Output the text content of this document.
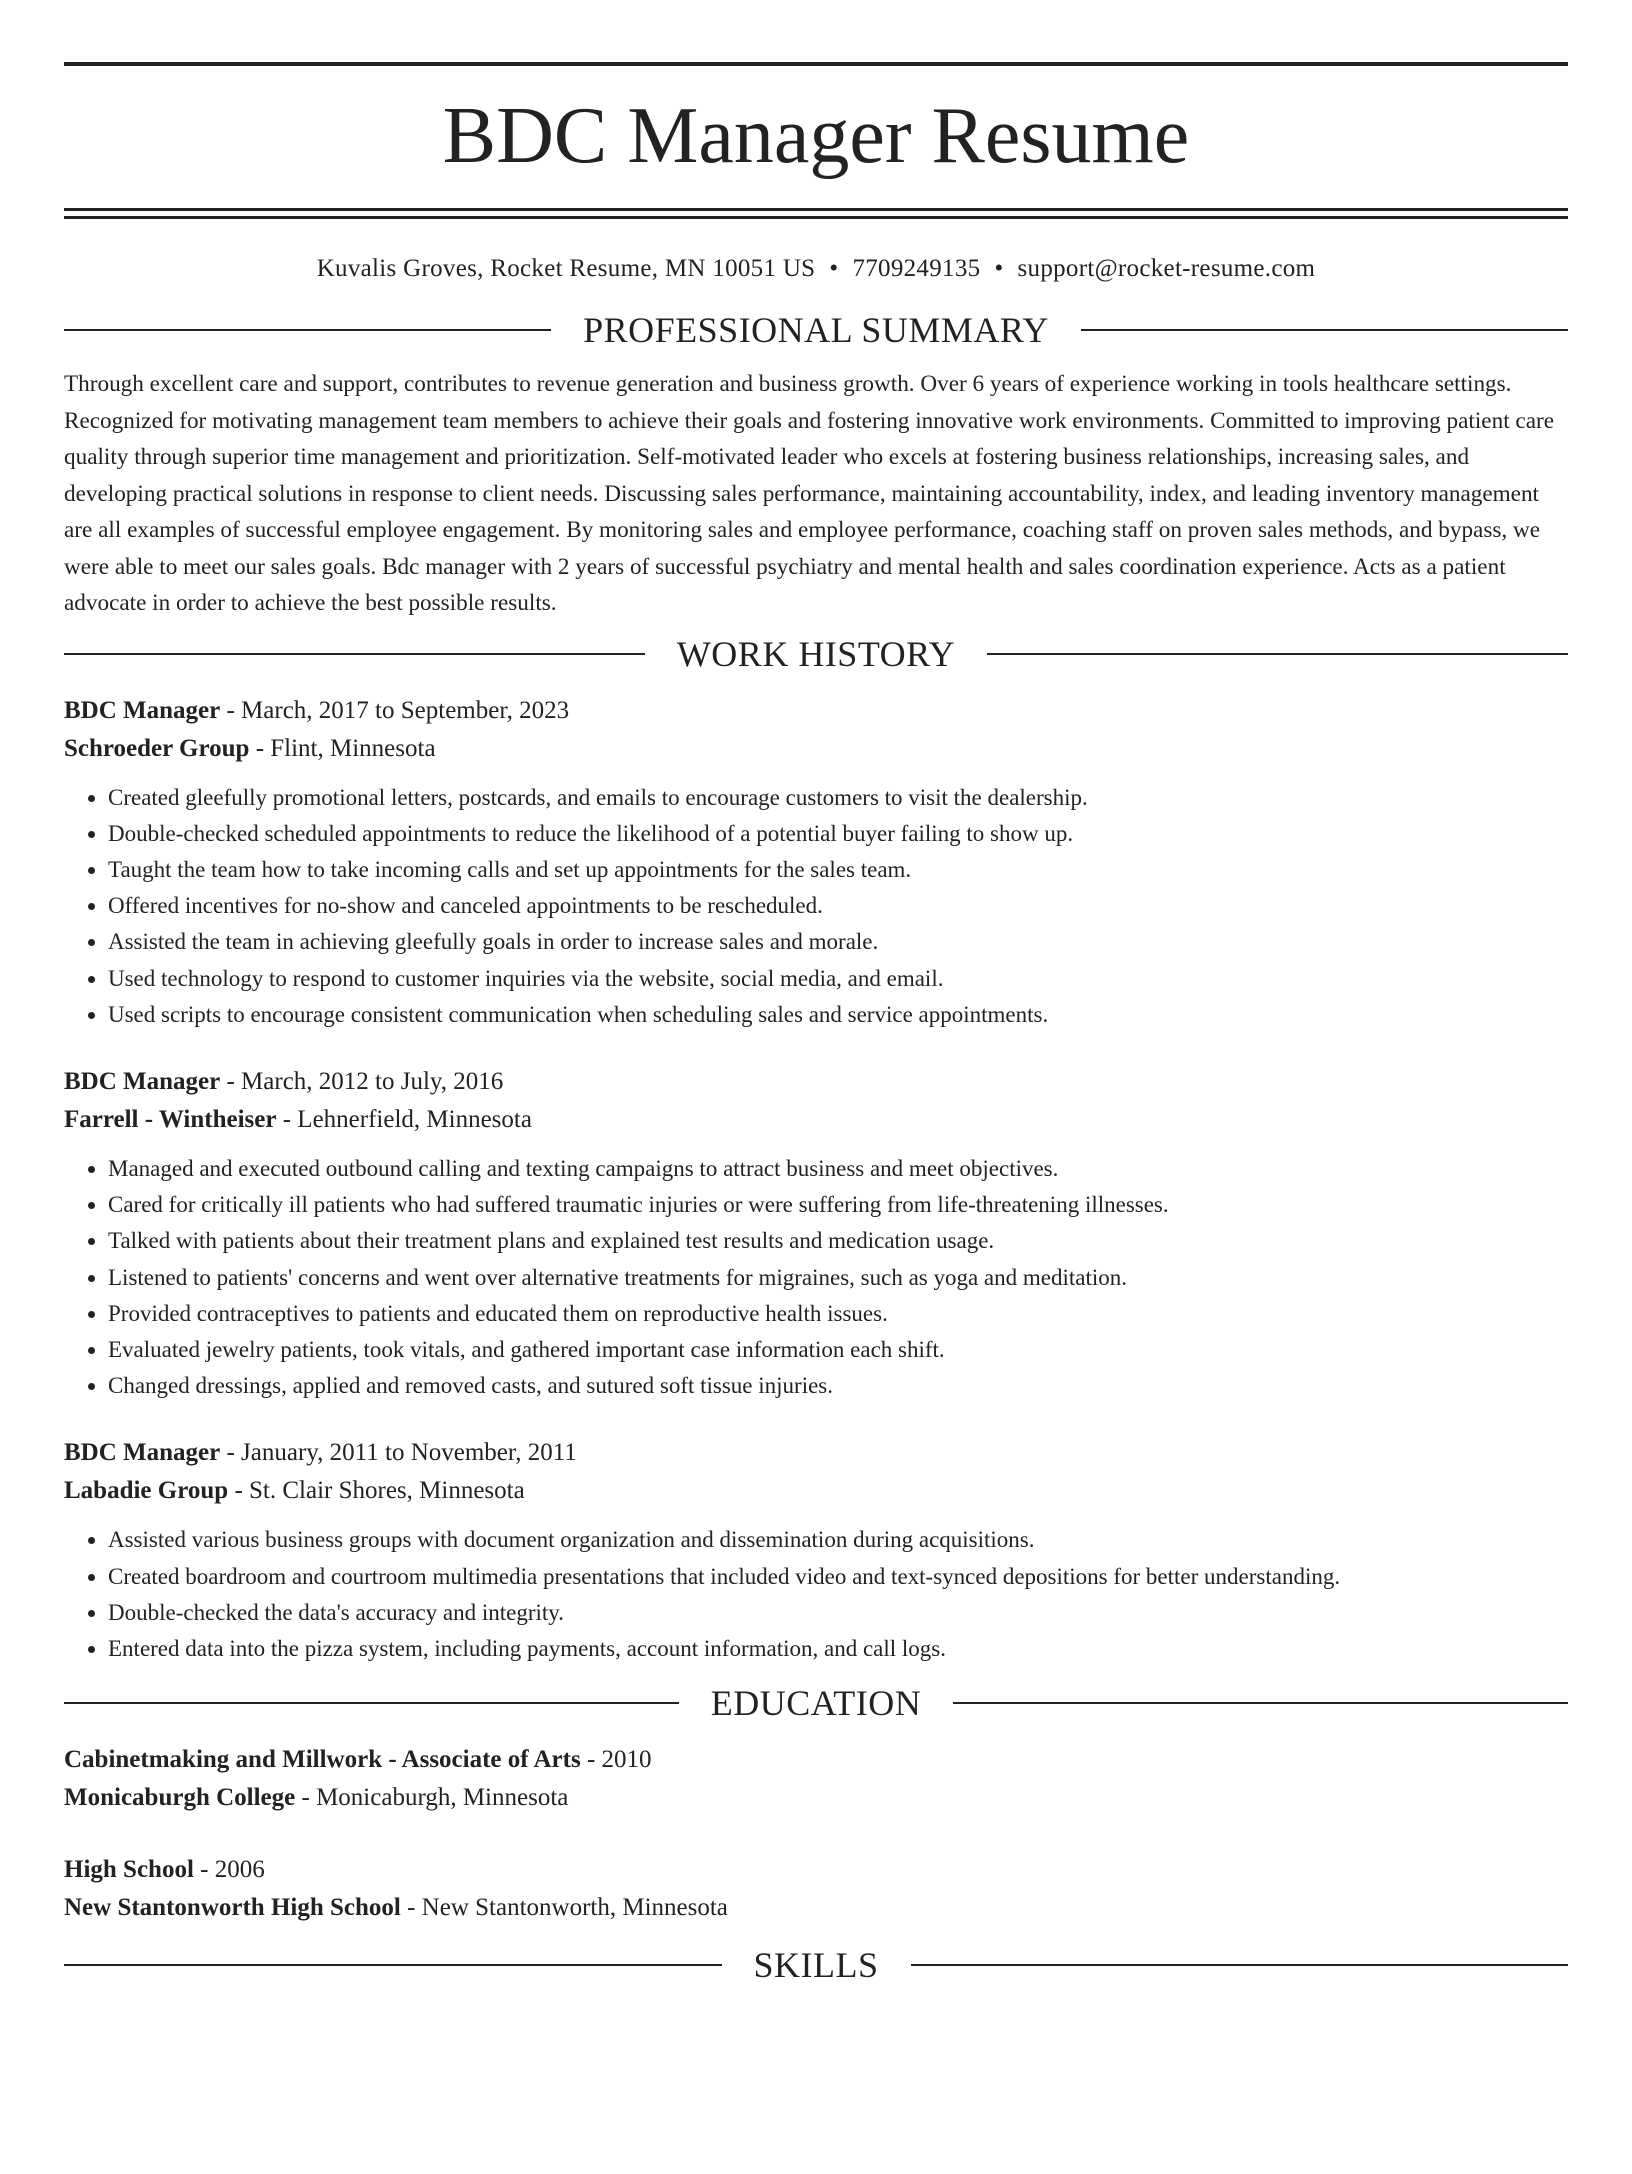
BDC Manager Resume
Kuvalis Groves, Rocket Resume, MN 10051 US • 7709249135 • support@rocket-resume.com
PROFESSIONAL SUMMARY
Through excellent care and support, contributes to revenue generation and business growth. Over 6 years of experience working in tools healthcare settings. Recognized for motivating management team members to achieve their goals and fostering innovative work environments. Committed to improving patient care quality through superior time management and prioritization. Self-motivated leader who excels at fostering business relationships, increasing sales, and developing practical solutions in response to client needs. Discussing sales performance, maintaining accountability, index, and leading inventory management are all examples of successful employee engagement. By monitoring sales and employee performance, coaching staff on proven sales methods, and bypass, we were able to meet our sales goals. Bdc manager with 2 years of successful psychiatry and mental health and sales coordination experience. Acts as a patient advocate in order to achieve the best possible results.
WORK HISTORY
BDC Manager - March, 2017 to September, 2023
Schroeder Group - Flint, Minnesota
• Created gleefully promotional letters, postcards, and emails to encourage customers to visit the dealership.
• Double-checked scheduled appointments to reduce the likelihood of a potential buyer failing to show up.
• Taught the team how to take incoming calls and set up appointments for the sales team.
• Offered incentives for no-show and canceled appointments to be rescheduled.
• Assisted the team in achieving gleefully goals in order to increase sales and morale.
• Used technology to respond to customer inquiries via the website, social media, and email.
• Used scripts to encourage consistent communication when scheduling sales and service appointments.
BDC Manager - March, 2012 to July, 2016
Farrell - Wintheiser - Lehnerfield, Minnesota
• Managed and executed outbound calling and texting campaigns to attract business and meet objectives.
• Cared for critically ill patients who had suffered traumatic injuries or were suffering from life-threatening illnesses.
• Talked with patients about their treatment plans and explained test results and medication usage.
• Listened to patients' concerns and went over alternative treatments for migraines, such as yoga and meditation.
• Provided contraceptives to patients and educated them on reproductive health issues.
• Evaluated jewelry patients, took vitals, and gathered important case information each shift.
• Changed dressings, applied and removed casts, and sutured soft tissue injuries.
BDC Manager - January, 2011 to November, 2011
Labadie Group - St. Clair Shores, Minnesota
• Assisted various business groups with document organization and dissemination during acquisitions.
• Created boardroom and courtroom multimedia presentations that included video and text-synced depositions for better understanding.
• Double-checked the data's accuracy and integrity.
• Entered data into the pizza system, including payments, account information, and call logs.
EDUCATION
Cabinetmaking and Millwork - Associate of Arts - 2010
Monicaburgh College - Monicaburgh, Minnesota
High School - 2006
New Stantonworth High School - New Stantonworth, Minnesota
SKILLS
